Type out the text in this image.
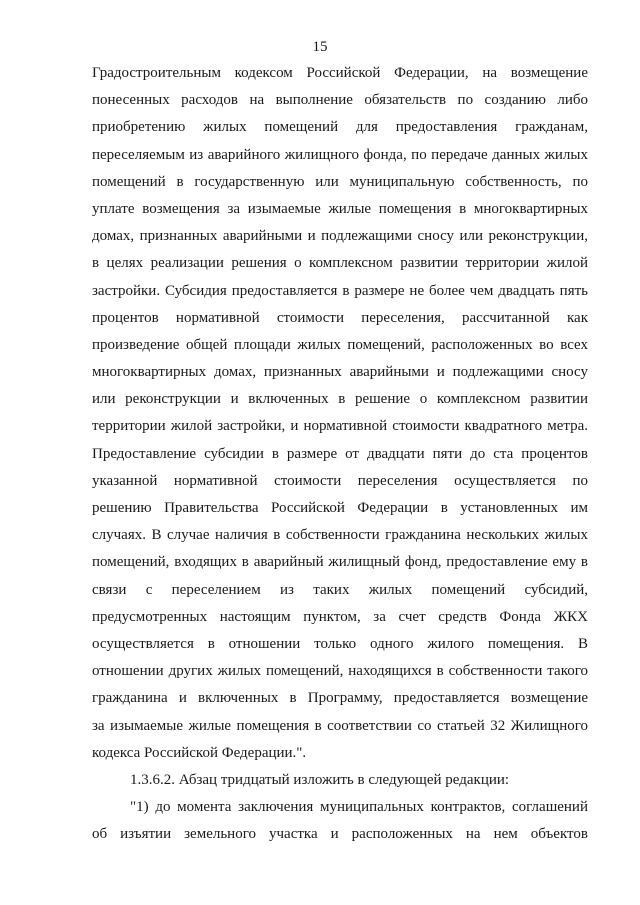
15
Градостроительным кодексом Российской Федерации, на возмещение
понесенных расходов на выполнение обязательств по созданию либо
приобретению жилых помещений для предоставления гражданам,
переселяемым из аварийного жилищного фонда, по передаче данных жилых
помещений в государственную или муниципальную собственность, по
уплате возмещения за изымаемые жилые помещения в многоквартирных
домах, признанных аварийными и подлежащими сносу или реконструкции,
в целях реализации решения о комплексном развитии территории жилой
застройки. Субсидия предоставляется в размере не более чем двадцать пять
процентов нормативной стоимости переселения, рассчитанной как
произведение общей площади жилых помещений, расположенных во всех
многоквартирных домах, признанных аварийными и подлежащими сносу
или реконструкции и включенных в решение о комплексном развитии
территории жилой застройки, и нормативной стоимости квадратного метра.
Предоставление субсидии в размере от двадцати пяти до ста процентов
указанной нормативной стоимости переселения осуществляется по
решению Правительства Российской Федерации в установленных им
случаях. В случае наличия в собственности гражданина нескольких жилых
помещений, входящих в аварийный жилищный фонд, предоставление ему в
связи с переселением из таких жилых помещений субсидий,
предусмотренных настоящим пунктом, за счет средств Фонда ЖКХ
осуществляется в отношении только одного жилого помещения. В
отношении других жилых помещений, находящихся в собственности такого
гражданина и включенных в Программу, предоставляется возмещение
за изымаемые жилые помещения в соответствии со статьей 32 Жилищного
кодекса Российской Федерации.".
1.3.6.2. Абзац тридцатый изложить в следующей редакции:
"1) до момента заключения муниципальных контрактов, соглашений
об изъятии земельного участка и расположенных на нем объектов
